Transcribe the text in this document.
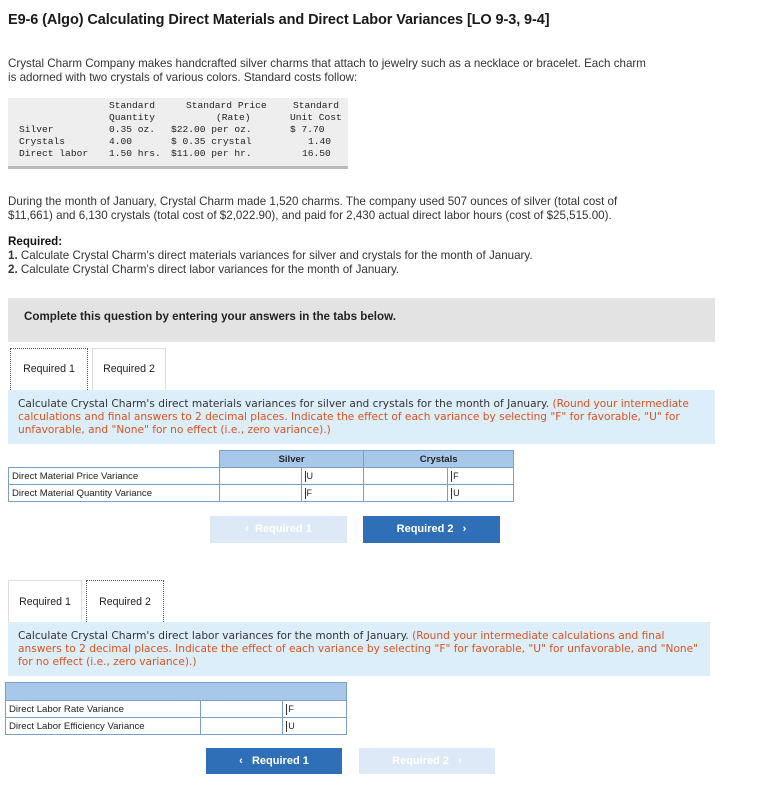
E9-6 (Algo) Calculating Direct Materials and Direct Labor Variances [LO 9-3, 9-4]
Crystal Charm Company makes handcrafted silver charms that attach to jewelry such as a necklace or bracelet. Each charm
is adorned with two crystals of various colors. Standard costs follow:
Standard	Standard Price	Standard
Quantity	(Rate)	Unit Cost
Silver	0.35 oz. $22.00 per oz.	$ 7.70
Crystals	4.00	$ 0.35 crystal	1.40
Direct labor 1.50 hrs. $11.00 per hr.	16.50
During the month of January, Crystal Charm made 1,520 charms. The company used 507 ounces of silver (total cost of
$11,661) and 6,130 crystals (total cost of $2,022.90), and paid for 2,430 actual direct labor hours (cost of $25,515.00).
Required:
1. Calculate Crystal Charm's direct materials variances for silver and crystals for the month of January.
2. Calculate Crystal Charm's direct labor variances for the month of January.
Complete this question by entering your answers in the tabs below.
Required 1	Required 2
Calculate Crystal Charm's direct materials variances for silver and crystals for the month of January. (Round your intermediate calculations and final answers to 2 decimal places. Indicate the effect of each variance by selecting "F" for favorable, "U" for unfavorable, and "None" for no effect (i.e., zero variance).)
	Silver		Crystals	
Direct Material Price Variance		U		F
Direct Material Quantity Variance		F		U
‹ Required 1	Required 2 ›
Required 1	Required 2
Calculate Crystal Charm's direct labor variances for the month of January. (Round your intermediate calculations and final answers to 2 decimal places. Indicate the effect of each variance by selecting "F" for favorable, "U" for unfavorable, and "None" for no effect (i.e., zero variance).)

Direct Labor Rate Variance		F
Direct Labor Efficiency Variance		U
‹ Required 1	Required 2 ›
